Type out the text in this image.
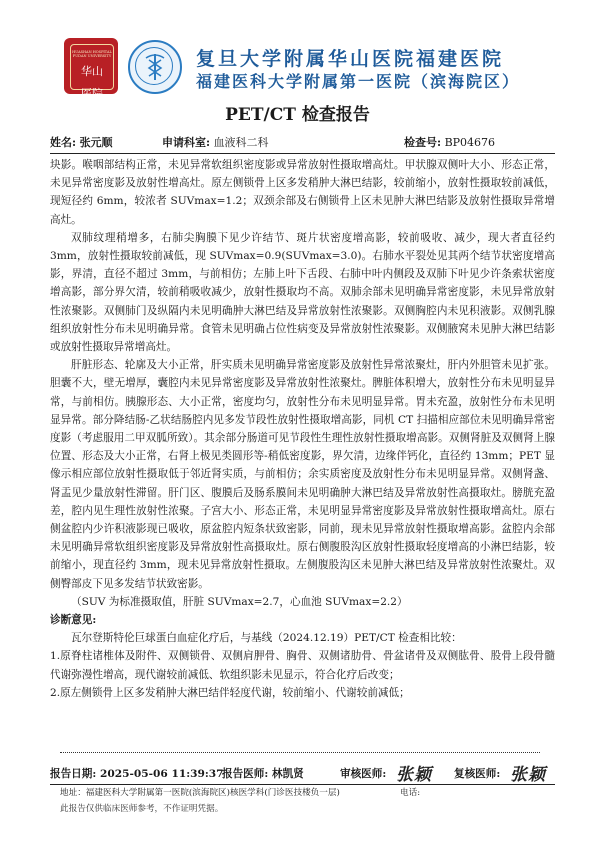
HUASHAN HOSPITAL FUDAN UNIVERSITY
华山医院
复旦大学附属华山医院福建医院
福建医科大学附属第一医院（滨海院区）
PET/CT 检查报告
姓名: 张元顺	申请科室: 血液科二科	检查号: BP04676

块影。喉咽部结构正常，未见异常软组织密度影或异常放射性摄取增高灶。甲状腺双侧叶大小、形态正常，未见异常密度影及放射性增高灶。原左侧锁骨上区多发稍肿大淋巴结影，较前缩小，放射性摄取较前减低，现短径约 6mm，较浓者 SUVmax=1.2；双颈余部及右侧锁骨上区未见肿大淋巴结影及放射性摄取异常增高灶。

双肺纹理稍增多，右肺尖胸膜下见少许结节、斑片状密度增高影，较前吸收、减少，现大者直径约 3mm，放射性摄取较前减低，现 SUVmax=0.9(SUVmax=3.0)。右肺水平裂处见其两个结节状密度增高影，界清，直径不超过 3mm，与前相仿；左肺上叶下舌段、右肺中叶内侧段及双肺下叶见少许条索状密度增高影，部分界欠清，较前稍吸收减少，放射性摄取均不高。双肺余部未见明确异常密度影，未见异常放射性浓聚影。双侧肺门及纵隔内未见明确肿大淋巴结及异常放射性浓聚影。双侧胸腔内未见积液影。双侧乳腺组织放射性分布未见明确异常。食管未见明确占位性病变及异常放射性浓聚影。双侧腋窝未见肿大淋巴结影或放射性摄取异常增高灶。

肝脏形态、轮廓及大小正常，肝实质未见明确异常密度影及放射性异常浓聚灶，肝内外胆管未见扩张。胆囊不大，壁无增厚，囊腔内未见异常密度影及异常放射性浓聚灶。脾脏体积增大，放射性分布未见明显异常，与前相仿。胰腺形态、大小正常，密度均匀，放射性分布未见明显异常。胃未充盈，放射性分布未见明显异常。部分降结肠-乙状结肠腔内见多发节段性放射性摄取增高影，同机 CT 扫描相应部位未见明确异常密度影（考虑服用二甲双胍所致）。其余部分肠道可见节段性生理性放射性摄取增高影。双侧肾脏及双侧肾上腺位置、形态及大小正常，右肾上极见类圆形等-稍低密度影，界欠清，边缘伴钙化，直径约 13mm；PET 显像示相应部位放射性摄取低于邻近肾实质，与前相仿；余实质密度及放射性分布未见明显异常。双侧肾盏、肾盂见少量放射性滞留。肝门区、腹膜后及肠系膜间未见明确肿大淋巴结及异常放射性高摄取灶。膀胱充盈差，腔内见生理性放射性浓聚。子宫大小、形态正常，未见明显异常密度影及异常放射性摄取增高灶。原右侧盆腔内少许积液影现已吸收，原盆腔内短条状致密影，同前，现未见异常放射性摄取增高影。盆腔内余部未见明确异常软组织密度影及异常放射性高摄取灶。原右侧腹股沟区放射性摄取轻度增高的小淋巴结影，较前缩小，现直径约 3mm，现未见异常放射性摄取。左侧腹股沟区未见肿大淋巴结及异常放射性浓聚灶。双侧臀部皮下见多发结节状致密影。

（SUV 为标准摄取值，肝脏 SUVmax=2.7，心血池 SUVmax=2.2）

诊断意见:

瓦尔登斯特伦巨球蛋白血症化疗后，与基线（2024.12.19）PET/CT 检查相比较：

1.原脊柱诸椎体及附件、双侧锁骨、双侧肩胛骨、胸骨、双侧诸肋骨、骨盆诸骨及双侧肱骨、股骨上段骨髓代谢弥漫性增高，现代谢较前减低、软组织影未见显示，符合化疗后改变；

2.原左侧锁骨上区多发稍肿大淋巴结伴轻度代谢，较前缩小、代谢较前减低；

报告日期: 2025-05-06 11:39:37
报告医师: 林凯贤	审核医师: 张颖 复核医师: 张颖
地址：福建医科大学附属第一医院(滨海院区)核医学科(门诊医技楼负一层)	电话:
此报告仅供临床医师参考，不作证明凭据。
